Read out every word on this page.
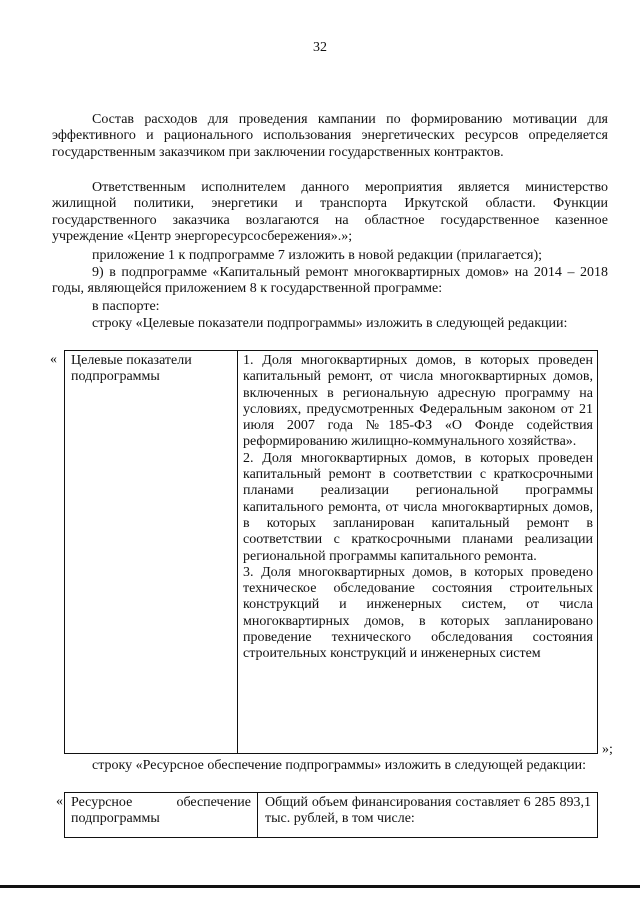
32
Состав расходов для проведения кампании по формированию мотивации для эффективного и рационального использования энергетических ресурсов определяется государственным заказчиком при заключении государственных контрактов.
Ответственным исполнителем данного мероприятия является министерство жилищной политики, энергетики и транспорта Иркутской области. Функции государственного заказчика возлагаются на областное государственное казенное учреждение «Центр энергоресурсосбережения».»;
приложение 1 к подпрограмме 7 изложить в новой редакции (прилагается);
9) в подпрограмме «Капитальный ремонт многоквартирных домов» на 2014 – 2018 годы, являющейся приложением 8 к государственной программе:
в паспорте:
строку «Целевые показатели подпрограммы» изложить в следующей редакции:
«	Целевые показатели подпрограммы

1. Доля многоквартирных домов, в которых проведен капитальный ремонт, от числа многоквартирных домов, включенных в региональную адресную программу на условиях, предусмотренных Федеральным законом от 21 июля 2007 года №185-ФЗ «О Фонде содействия реформированию жилищно-коммунального хозяйства».

2. Доля многоквартирных домов, в которых проведен капитальный ремонт в соответствии с краткосрочными планами реализации региональной программы капитального ремонта, от числа многоквартирных домов, в которых запланирован капитальный ремонт в соответствии с краткосрочными планами реализации региональной программы капитального ремонта.

3. Доля многоквартирных домов, в которых проведено техническое обследование состояния строительных конструкций и инженерных систем, от числа многоквартирных домов, в которых запланировано проведение технического обследования состояния строительных конструкций и инженерных систем

»;
строку «Ресурсное обеспечение подпрограммы» изложить в следующей редакции:
« Ресурсное обеспечение подпрограммы
Общий объем финансирования составляет 6 285 893,1 тыс. рублей, в том числе:
